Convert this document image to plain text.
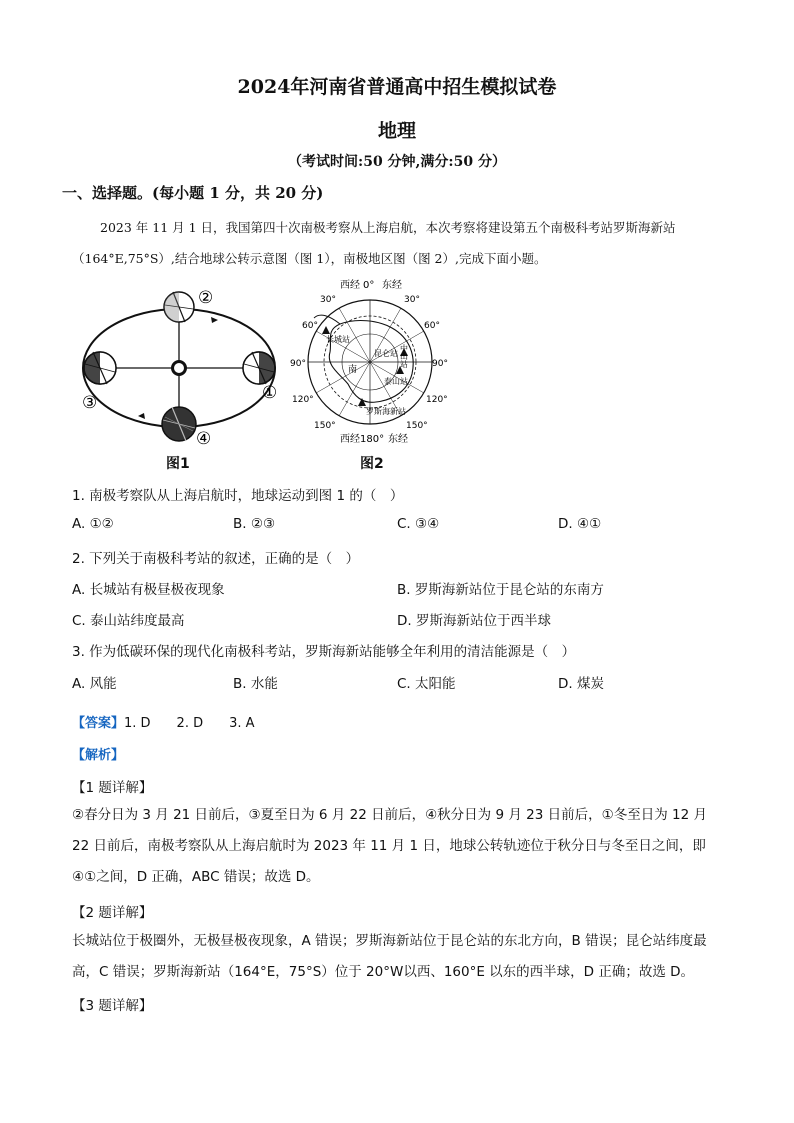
2024年河南省普通高中招生模拟试卷
地理
（考试时间:50 分钟,满分:50 分）
一、选择题。(每小题 1 分，共 20 分)
2023 年 11 月 1 日，我国第四十次南极考察从上海启航，本次考察将建设第五个南极科考站罗斯海新站（164°E,75°S）,结合地球公转示意图（图 1），南极地区图（图 2）,完成下面小题。
②
③
④
①
图1
长城站
昆仑站 中山站
泰山站
罗斯海新站
南
西经 0° 东经
西经 180° 东经
30°
60°
90°
120°
150°
30°
60°
90°
120°
150°
图2
1. 南极考察队从上海启航时，地球运动到图 1 的（　）
A. ①②	B. ②③	C. ③④	D. ④①
2. 下列关于南极科考站的叙述，正确的是（　）
A. 长城站有极昼极夜现象	B. 罗斯海新站位于昆仑站的东南方
C. 泰山站纬度最高	D. 罗斯海新站位于西半球
3. 作为低碳环保的现代化南极科考站，罗斯海新站能够全年利用的清洁能源是（　）
A. 风能	B. 水能	C. 太阳能	D. 煤炭
【答案】1. D　　2. D　　3. A
【解析】
【1 题详解】
②春分日为 3 月 21 日前后，③夏至日为 6 月 22 日前后，④秋分日为 9 月 23 日前后，①冬至日为 12 月 22 日前后，南极考察队从上海启航时为 2023 年 11 月 1 日，地球公转轨迹位于秋分日与冬至日之间，即④①之间，D 正确，ABC 错误；故选 D。
【2 题详解】
长城站位于极圈外，无极昼极夜现象，A 错误；罗斯海新站位于昆仑站的东北方向，B 错误；昆仑站纬度最高，C 错误；罗斯海新站（164°E，75°S）位于 20°W以西、160°E 以东的西半球，D 正确；故选 D。
【3 题详解】
